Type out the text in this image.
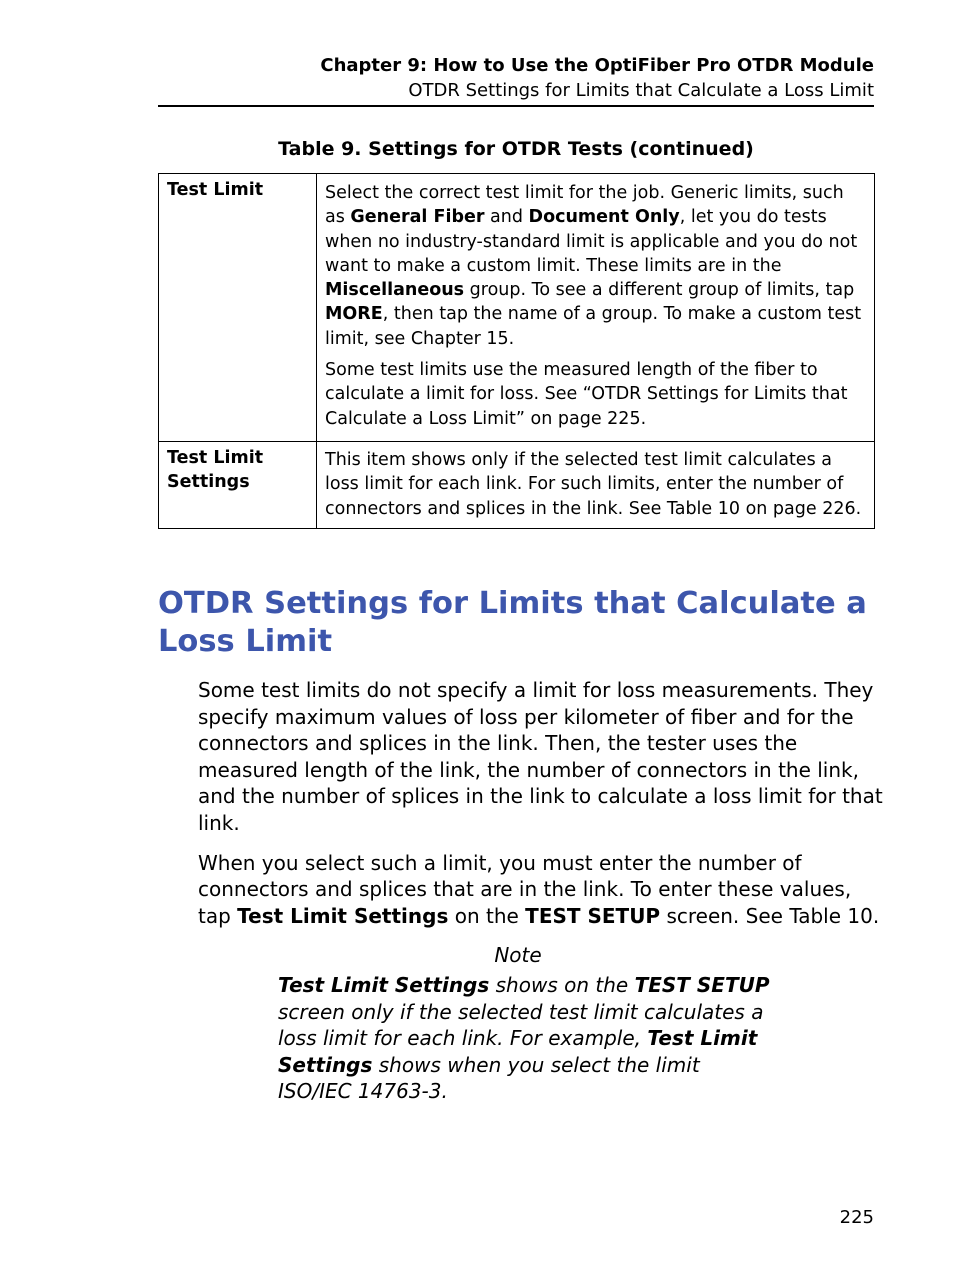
Chapter 9: How to Use the OptiFiber Pro OTDR Module
OTDR Settings for Limits that Calculate a Loss Limit
Table 9. Settings for OTDR Tests (continued)
Test Limit	Select the correct test limit for the job. Generic limits, such as General Fiber and Document Only, let you do tests when no industry-standard limit is applicable and you do not want to make a custom limit. These limits are in the Miscellaneous group. To see a different group of limits, tap MORE, then tap the name of a group. To make a custom test limit, see Chapter 15.

Some test limits use the measured length of the fiber to calculate a limit for loss. See “OTDR Settings for Limits that Calculate a Loss Limit” on page 225.

Test Limit
Settings	This item shows only if the selected test limit calculates a loss limit for each link. For such limits, enter the number of connectors and splices in the link. See Table 10 on page 226.

OTDR Settings for Limits that Calculate a Loss Limit

Some test limits do not specify a limit for loss measurements. They specify maximum values of loss per kilometer of fiber and for the connectors and splices in the link. Then, the tester uses the measured length of the link, the number of connectors in the link, and the number of splices in the link to calculate a loss limit for that link.

When you select such a limit, you must enter the number of connectors and splices that are in the link. To enter these values, tap Test Limit Settings on the TEST SETUP screen. See Table 10.

Note
Test Limit Settings shows on the TEST SETUP screen only if the selected test limit calculates a loss limit for each link. For example, Test Limit Settings shows when you select the limit ISO/IEC 14763-3.
225
